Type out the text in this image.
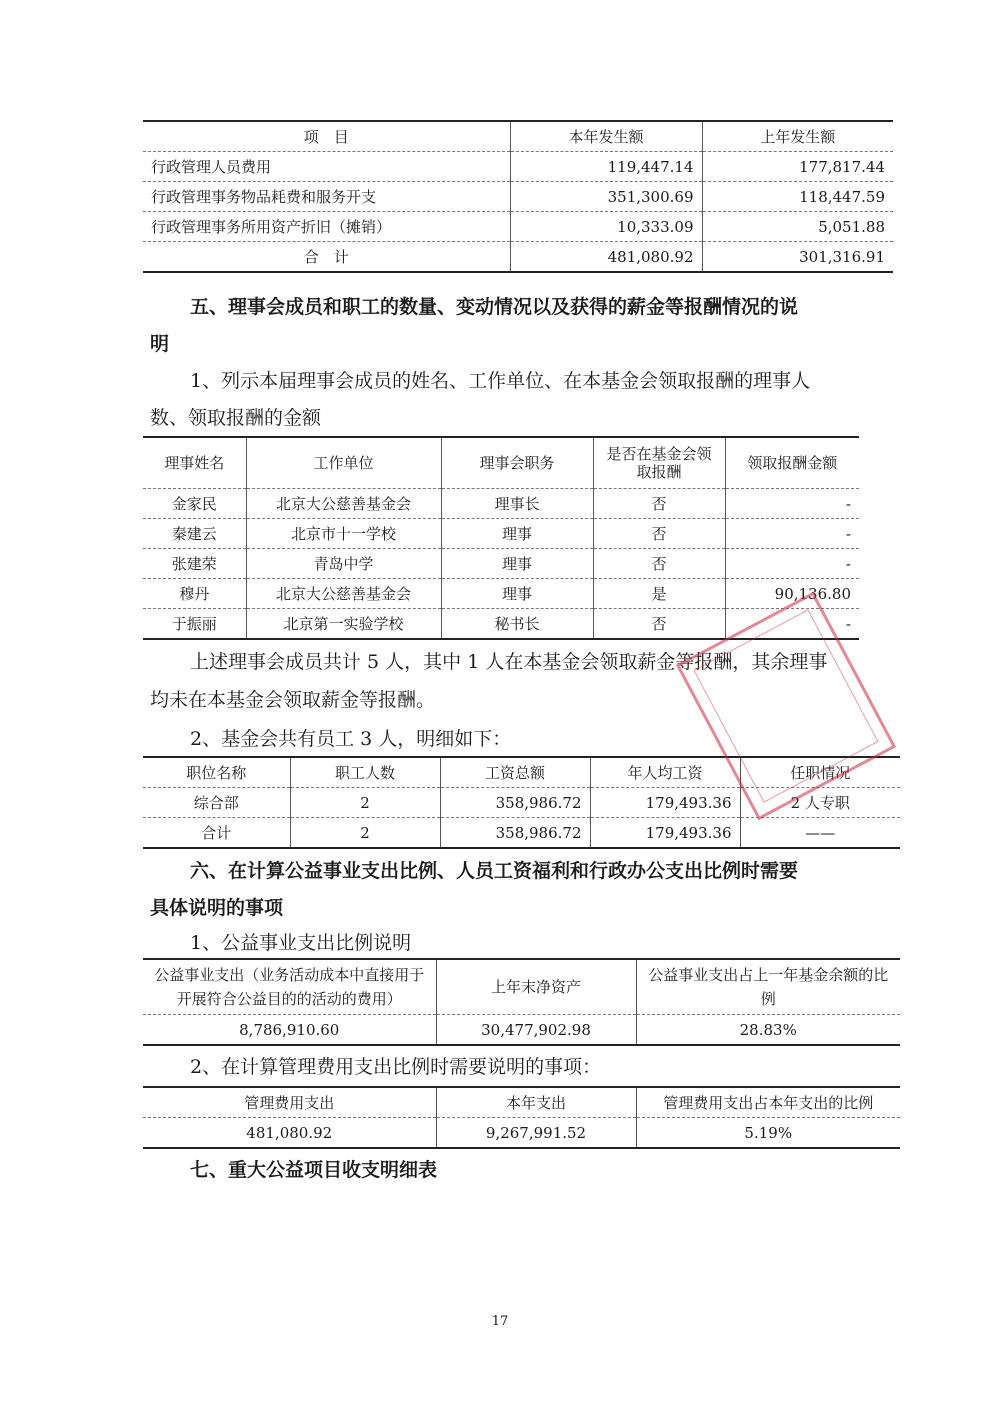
项　目	本年发生额	上年发生额
行政管理人员费用	119,447.14	177,817.44
行政管理事务物品耗费和服务开支	351,300.69	118,447.59
行政管理事务所用资产折旧（摊销）	10,333.09	5,051.88
合　计	481,080.92	301,316.91
五、理事会成员和职工的数量、变动情况以及获得的薪金等报酬情况的说
明
1、列示本届理事会成员的姓名、工作单位、在本基金会领取报酬的理事人
数、领取报酬的金额
理事姓名	工作单位	理事会职务	是否在基金会领取报酬	领取报酬金额
金家民	北京大公慈善基金会	理事长	否	-
秦建云	北京市十一学校	理事	否	-
张建荣	青岛中学	理事	否	-
穆丹	北京大公慈善基金会	理事	是	90,136.80
于振丽	北京第一实验学校	秘书长	否	-
上述理事会成员共计 5 人，其中 1 人在本基金会领取薪金等报酬，其余理事
均未在本基金会领取薪金等报酬。
2、基金会共有员工 3 人，明细如下：
职位名称	职工人数	工资总额	年人均工资	任职情况
综合部	2	358,986.72	179,493.36	2 人专职
合计	2	358,986.72	179,493.36	——
六、在计算公益事业支出比例、人员工资福利和行政办公支出比例时需要
具体说明的事项
1、公益事业支出比例说明
公益事业支出（业务活动成本中直接用于开展符合公益目的的活动的费用）	上年末净资产	公益事业支出占上一年基金余额的比例
8,786,910.60	30,477,902.98	28.83%
2、在计算管理费用支出比例时需要说明的事项：
管理费用支出	本年支出	管理费用支出占本年支出的比例
481,080.92	9,267,991.52	5.19%
七、重大公益项目收支明细表
17
